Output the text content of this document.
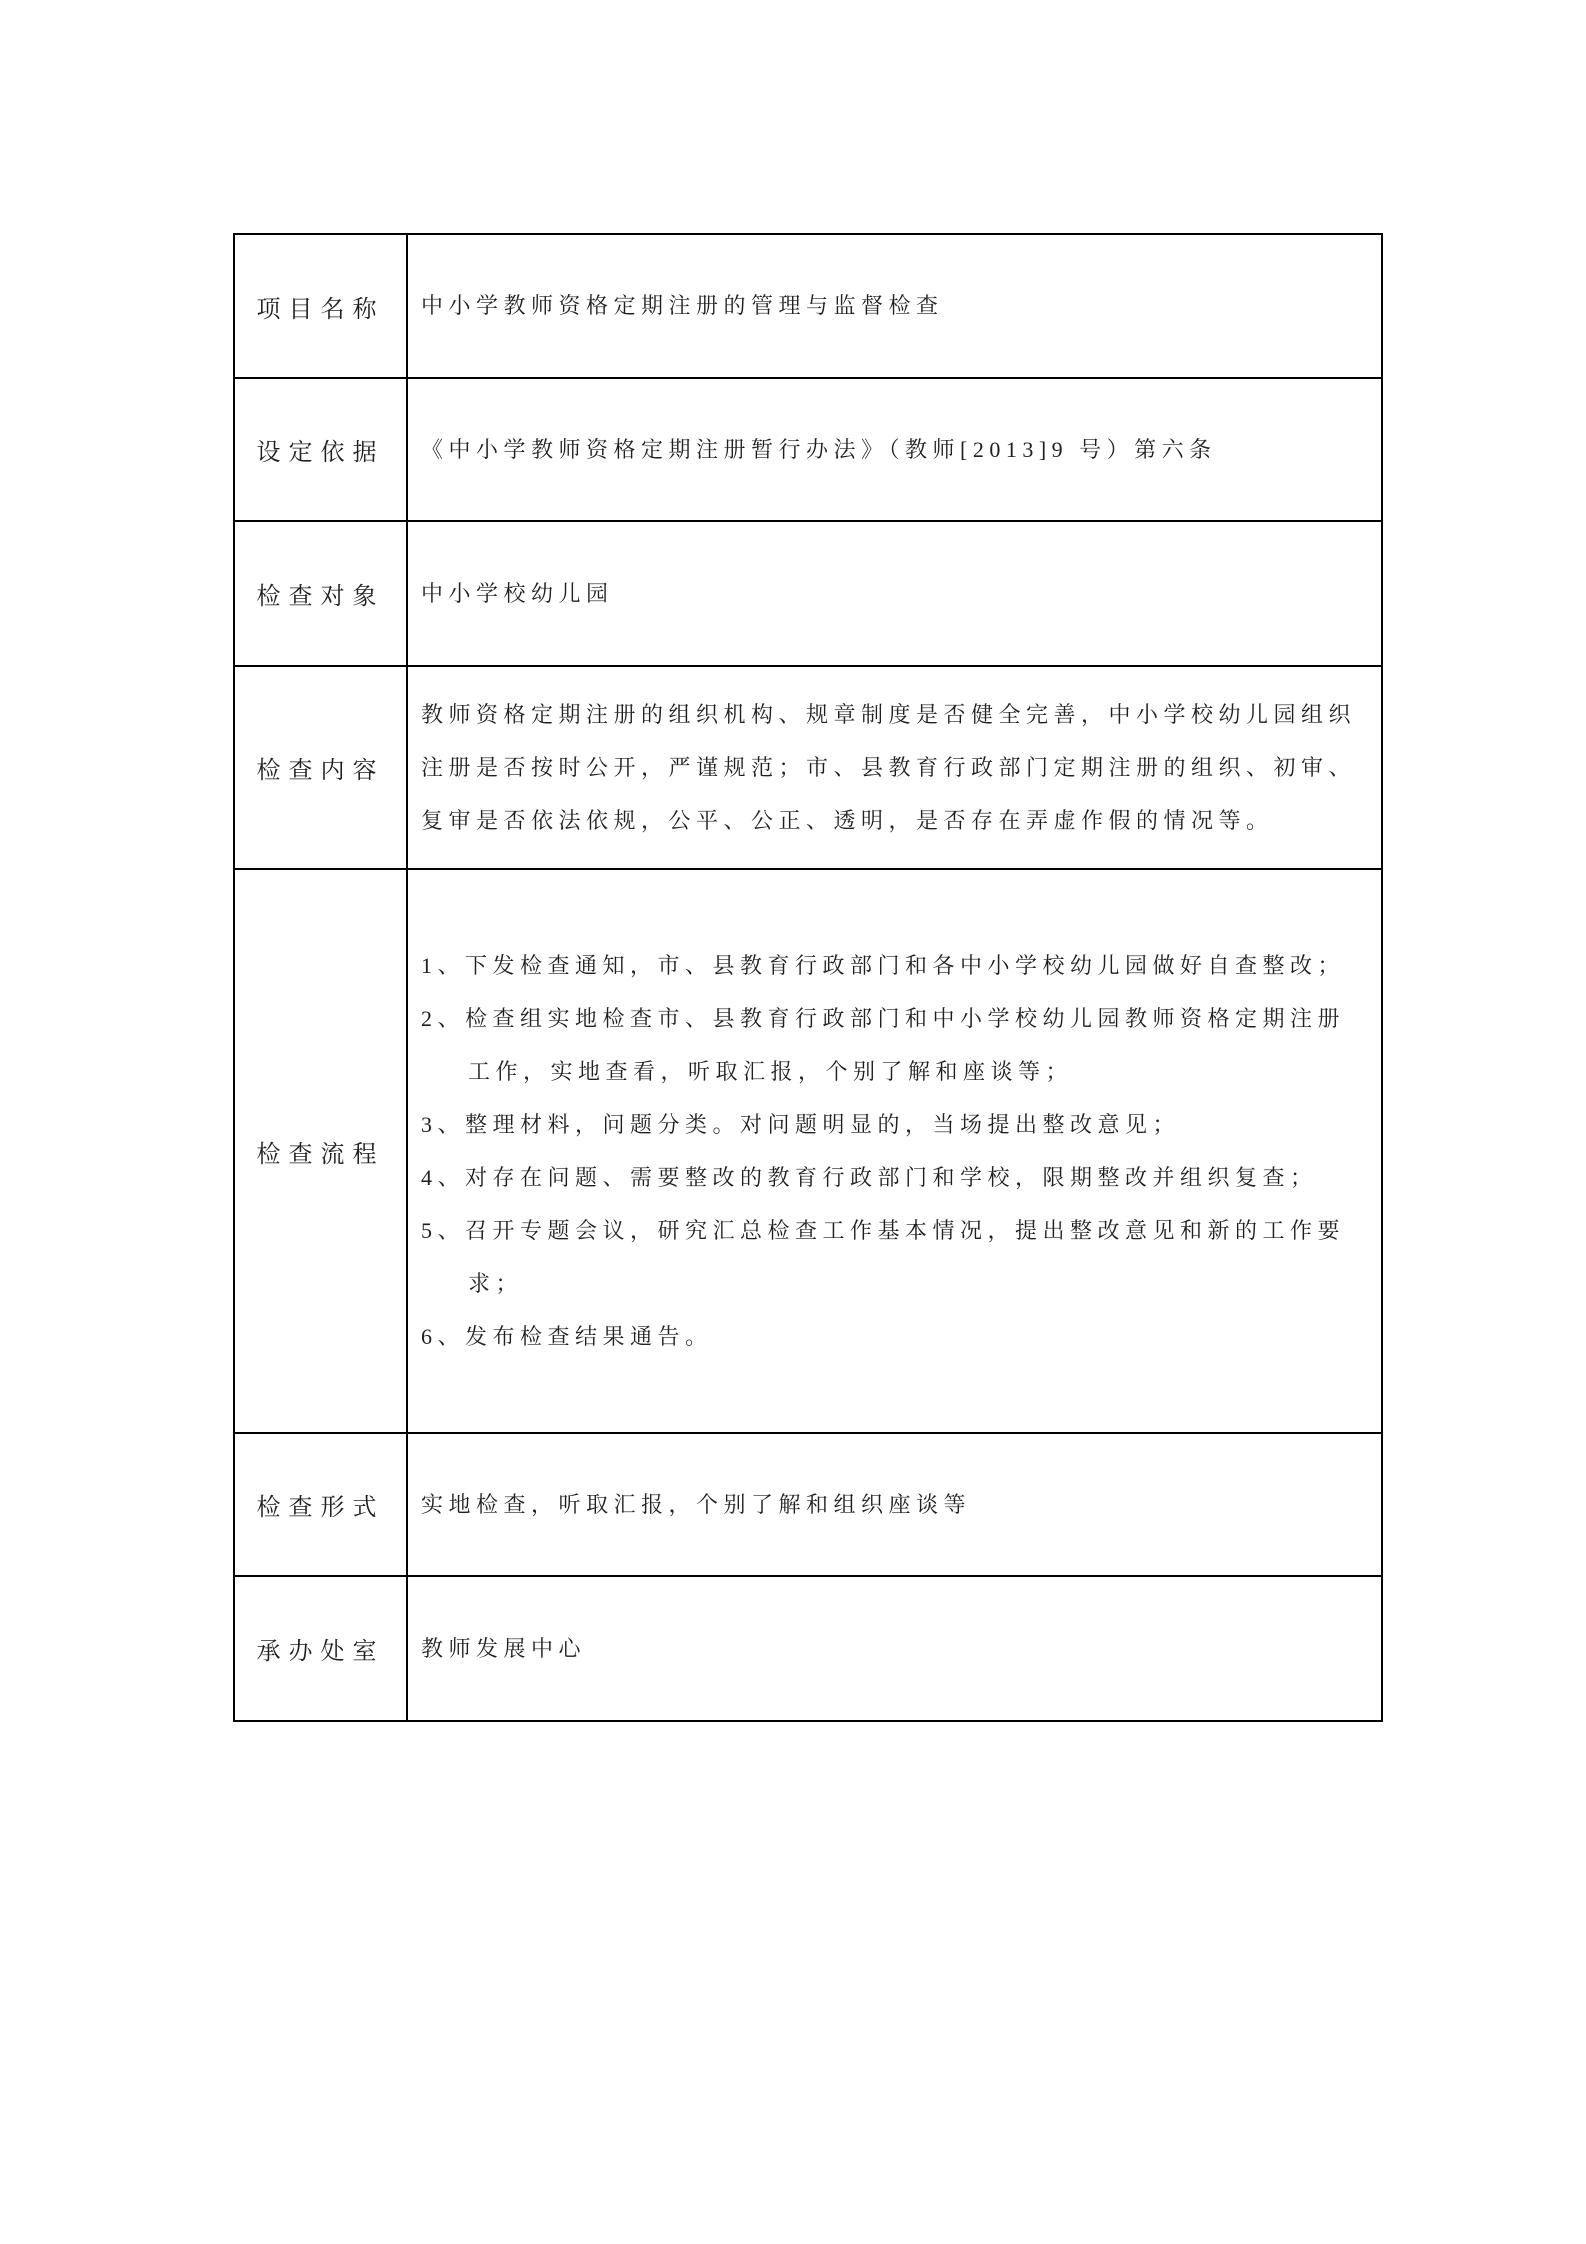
项目名称	中小学教师资格定期注册的管理与监督检查

设定依据	《中小学教师资格定期注册暂行办法》（教师[2013]9 号）第六条

检查对象	中小学校幼儿园

检查内容	教师资格定期注册的组织机构、规章制度是否健全完善，中小学校幼儿园组织
注册是否按时公开，严谨规范；市、县教育行政部门定期注册的组织、初审、
复审是否依法依规，公平、公正、透明，是否存在弄虚作假的情况等。

检查流程	
1、下发检查通知，市、县教育行政部门和各中小学校幼儿园做好自查整改；
2、检查组实地检查市、县教育行政部门和中小学校幼儿园教师资格定期注册
工作，实地查看，听取汇报，个别了解和座谈等；
3、整理材料，问题分类。对问题明显的，当场提出整改意见；
4、对存在问题、需要整改的教育行政部门和学校，限期整改并组织复查；
5、召开专题会议，研究汇总检查工作基本情况，提出整改意见和新的工作要
求；
6、发布检查结果通告。

检查形式	实地检查，听取汇报，个别了解和组织座谈等

承办处室	教师发展中心
